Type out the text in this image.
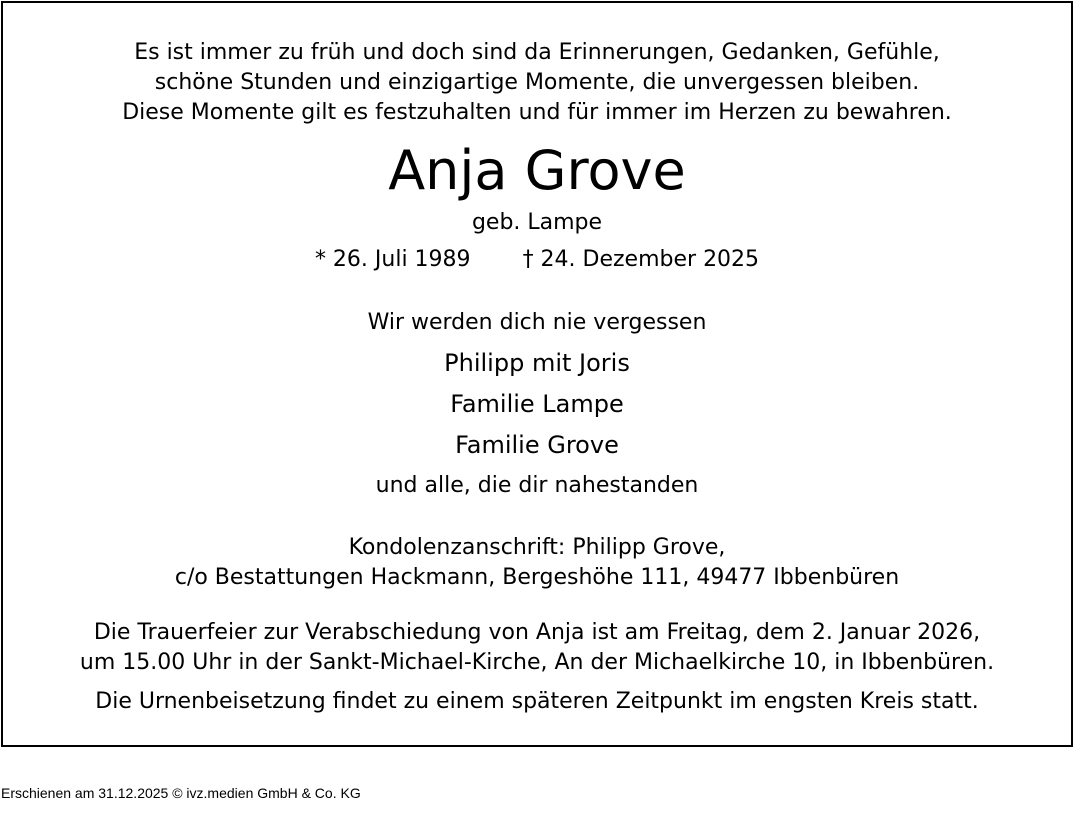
Es ist immer zu früh und doch sind da Erinnerungen, Gedanken, Gefühle,
schöne Stunden und einzigartige Momente, die unvergessen bleiben.
Diese Momente gilt es festzuhalten und für immer im Herzen zu bewahren.
Anja Grove
geb. Lampe
* 26. Juli 1989 † 24. Dezember 2025
Wir werden dich nie vergessen
Philipp mit Joris
Familie Lampe
Familie Grove
und alle, die dir nahestanden
Kondolenzanschrift: Philipp Grove,
c/o Bestattungen Hackmann, Bergeshöhe 111, 49477 Ibbenbüren
Die Trauerfeier zur Verabschiedung von Anja ist am Freitag, dem 2. Januar 2026,
um 15.00 Uhr in der Sankt-Michael-Kirche, An der Michaelkirche 10, in Ibbenbüren.
Die Urnenbeisetzung findet zu einem späteren Zeitpunkt im engsten Kreis statt.
Erschienen am 31.12.2025 © ivz.medien GmbH & Co. KG
